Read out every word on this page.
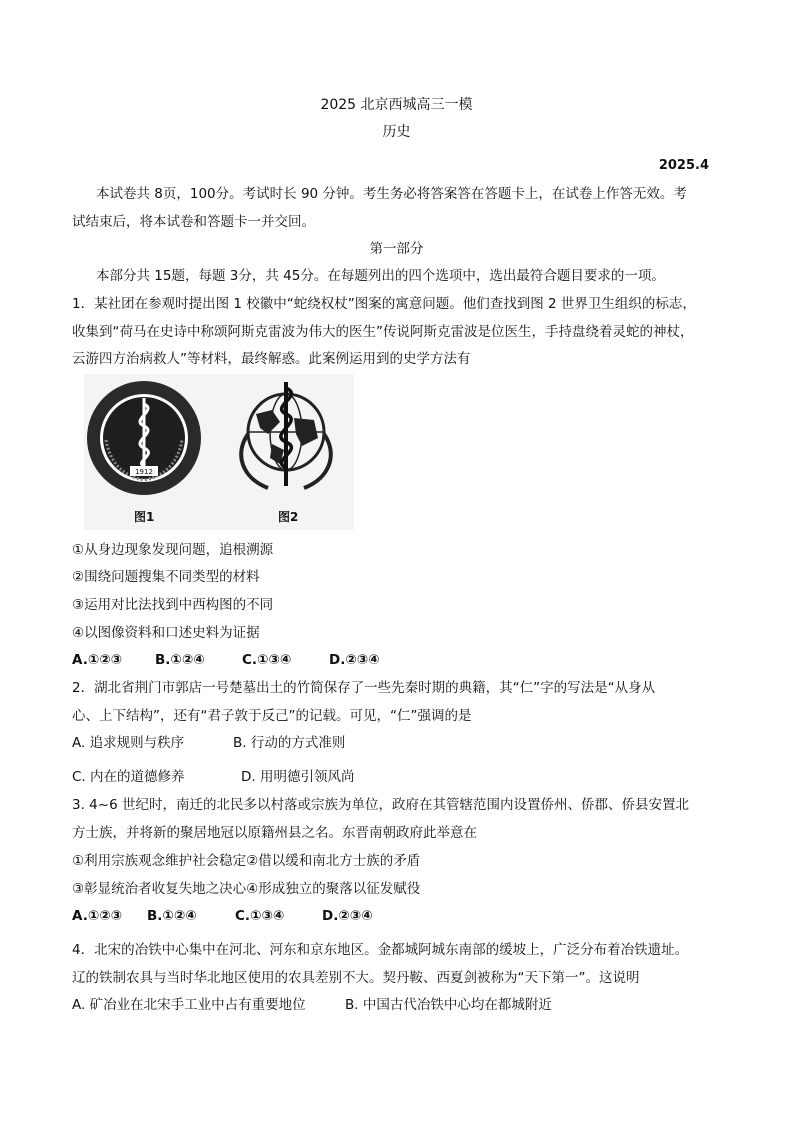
2025 北京西城高三一模
历史
2025.4
本试卷共 8页，100分。考试时长 90 分钟。考生务必将答案答在答题卡上，在试卷上作答无效。考
试结束后，将本试卷和答题卡一并交回。
第一部分
本部分共 15题，每题 3分，共 45分。在每题列出的四个选项中，选出最符合题目要求的一项。
1．某社团在参观时提出图 1 校徽中“蛇绕权杖”图案的寓意问题。他们查找到图 2 世界卫生组织的标志，
收集到“荷马在史诗中称颂阿斯克雷波为伟大的医生”传说阿斯克雷波是位医生，手持盘绕着灵蛇的神杖，
云游四方治病救人”等材料，最终解惑。此案例运用到的史学方法有
1912
图1	图2
①从身边现象发现问题，追根溯源
②围绕问题搜集不同类型的材料
③运用对比法找到中西构图的不同
④以图像资料和口述史料为证据
A.①②③ B.①②④	C.①③④	D.②③④
2．湖北省荆门市郭店一号楚墓出土的竹简保存了一些先秦时期的典籍，其“仁”字的写法是“从身从
心、上下结构”，还有“君子敦于反己”的记载。可见，“仁”强调的是
A. 追求规则与秩序	B. 行动的方式准则
C. 内在的道德修养	D. 用明德引领风尚
3. 4~6 世纪时，南迁的北民多以村落或宗族为单位，政府在其管辖范围内设置侨州、侨郡、侨县安置北
方士族，并将新的聚居地冠以原籍州县之名。东晋南朝政府此举意在
①利用宗族观念维护社会稳定②借以缓和南北方士族的矛盾
③彰显统治者收复失地之决心④形成独立的聚落以征发赋役
A.①②③ B.①②④	C.①③④	D.②③④
4．北宋的冶铁中心集中在河北、河东和京东地区。金都城阿城东南部的缓坡上，广泛分布着冶铁遗址。
辽的铁制农具与当时华北地区使用的农具差别不大。契丹鞍、西夏剑被称为“天下第一”。这说明
A. 矿冶业在北宋手工业中占有重要地位	B. 中国古代冶铁中心均在都城附近
